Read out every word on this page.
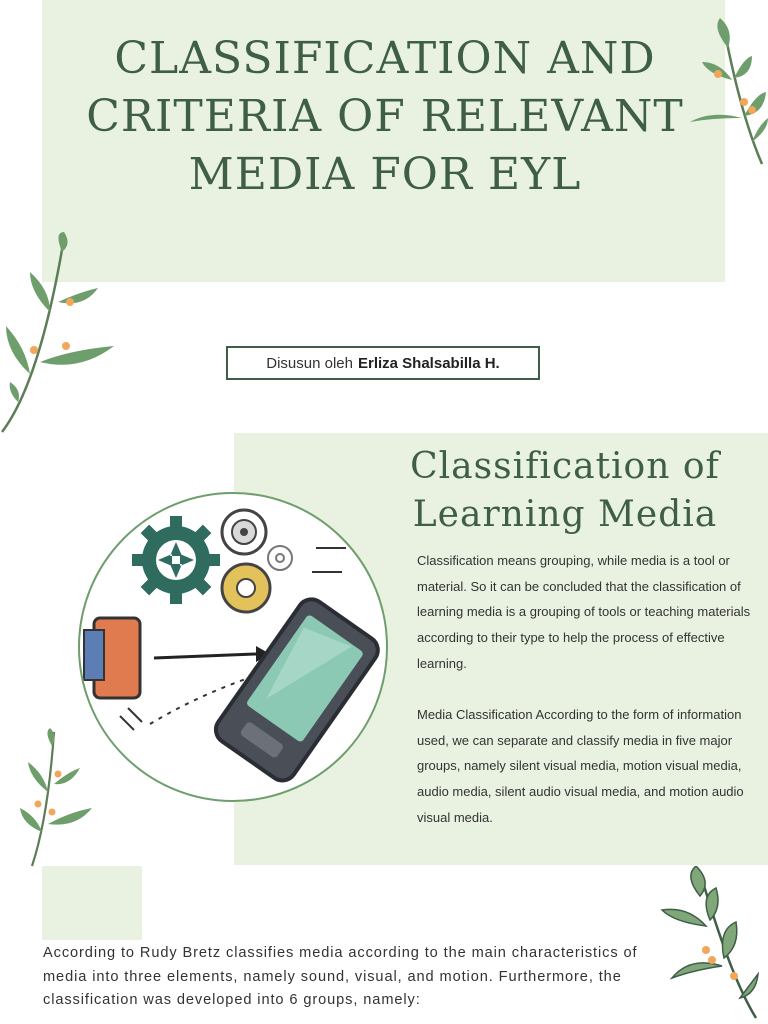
CLASSIFICATION AND CRITERIA OF RELEVANT MEDIA FOR EYL
Disusun oleh Erliza Shalsabilla H.
Classification of Learning Media

Classification means grouping, while media is a tool or material. So it can be concluded that the classification of learning media is a grouping of tools or teaching materials according to their type to help the process of effective learning.

Media Classification According to the form of information used, we can separate and classify media in five major groups, namely silent visual media, motion visual media, audio media, silent audio visual media, and motion audio visual media.

According to Rudy Bretz classifies media according to the main characteristics of media into three elements, namely sound, visual, and motion. Furthermore, the classification was developed into 6 groups, namely:
